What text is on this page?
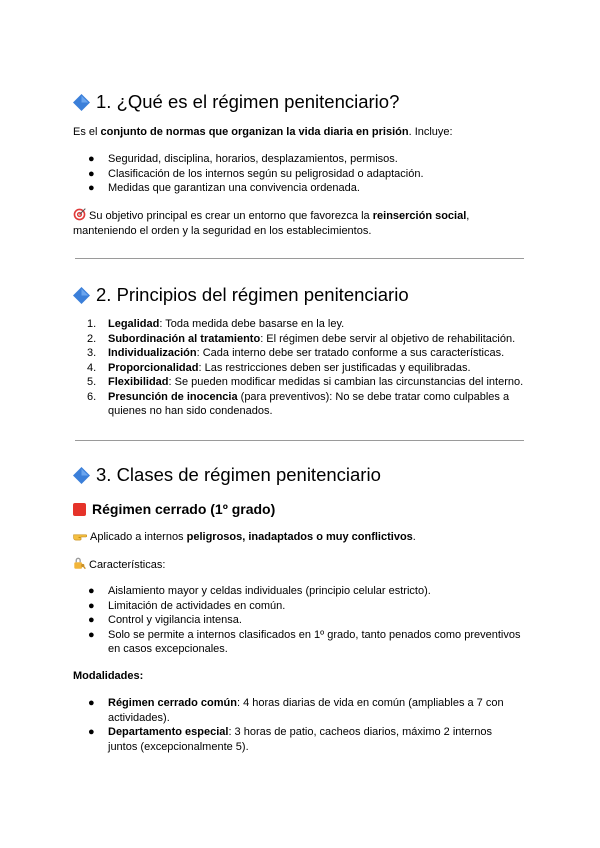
1. ¿Qué es el régimen penitenciario?

Es el conjunto de normas que organizan la vida diaria en prisión. Incluye:

● Seguridad, disciplina, horarios, desplazamientos, permisos.
● Clasificación de los internos según su peligrosidad o adaptación.
● Medidas que garantizan una convivencia ordenada.

Su objetivo principal es crear un entorno que favorezca la reinserción social,
manteniendo el orden y la seguridad en los establecimientos.

2. Principios del régimen penitenciario
1. Legalidad: Toda medida debe basarse en la ley.
2. Subordinación al tratamiento: El régimen debe servir al objetivo de rehabilitación.
3. Individualización: Cada interno debe ser tratado conforme a sus características.
4. Proporcionalidad: Las restricciones deben ser justificadas y equilibradas.
5. Flexibilidad: Se pueden modificar medidas si cambian las circunstancias del interno.
6. Presunción de inocencia (para preventivos): No se debe tratar como culpables a
quienes no han sido condenados.
3. Clases de régimen penitenciario
Régimen cerrado (1º grado)

Aplicado a internos peligrosos, inadaptados o muy conflictivos.

Características:

● Aislamiento mayor y celdas individuales (principio celular estricto).
● Limitación de actividades en común.
● Control y vigilancia intensa.
● Solo se permite a internos clasificados en 1º grado, tanto penados como preventivos
en casos excepcionales.

Modalidades:

● Régimen cerrado común: 4 horas diarias de vida en común (ampliables a 7 con
actividades).
● Departamento especial: 3 horas de patio, cacheos diarios, máximo 2 internos
juntos (excepcionalmente 5).
